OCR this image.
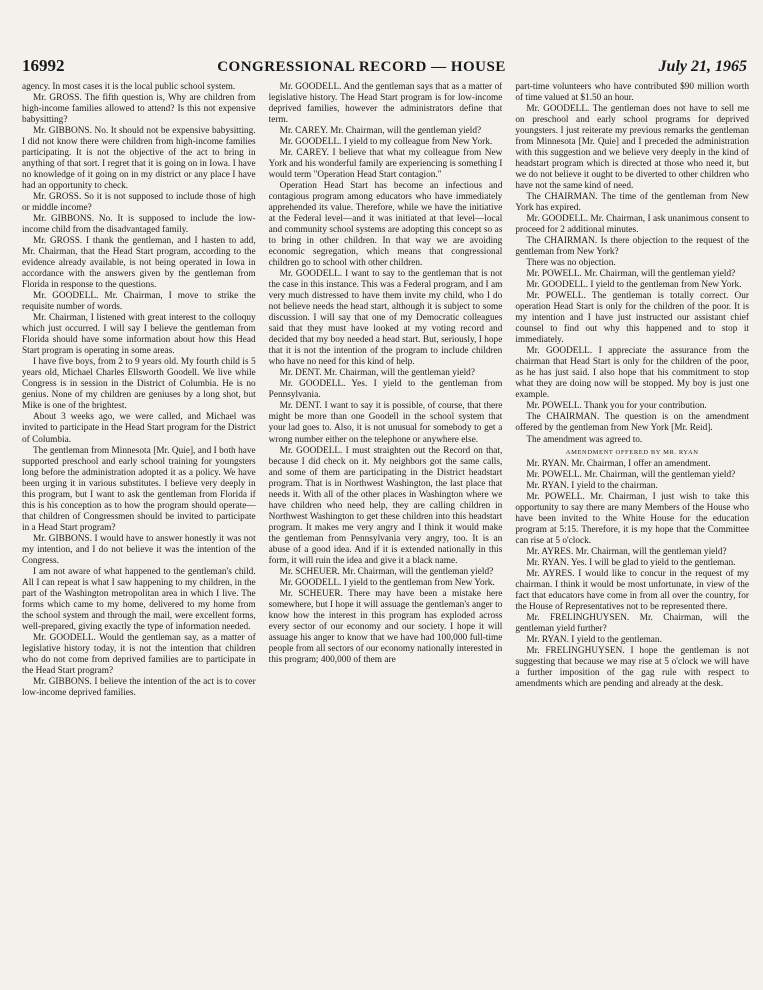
16992	CONGRESSIONAL RECORD — HOUSE	July 21, 1965

agency. In most cases it is the local public school system.

Mr. GROSS. The fifth question is, Why are children from high-income families allowed to attend? Is this not expensive babysitting?

Mr. GIBBONS. No. It should not be expensive babysitting. I did not know there were children from high-income families participating. It is not the objective of the act to bring in anything of that sort. I regret that it is going on in Iowa. I have no knowledge of it going on in my district or any place I have had an opportunity to check.

Mr. GROSS. So it is not supposed to include those of high or middle income?

Mr. GIBBONS. No. It is supposed to include the low-income child from the disadvantaged family.

Mr. GROSS. I thank the gentleman, and I hasten to add, Mr. Chairman, that the Head Start program, according to the evidence already available, is not being operated in Iowa in accordance with the answers given by the gentleman from Florida in response to the questions.

Mr. GOODELL. Mr. Chairman, I move to strike the requisite number of words.

Mr. Chairman, I listened with great interest to the colloquy which just occurred. I will say I believe the gentleman from Florida should have some information about how this Head Start program is operating in some areas.

I have five boys, from 2 to 9 years old. My fourth child is 5 years old, Michael Charles Ellsworth Goodell. We live while Congress is in session in the District of Columbia. He is no genius. None of my children are geniuses by a long shot, but Mike is one of the brightest.

About 3 weeks ago, we were called, and Michael was invited to participate in the Head Start program for the District of Columbia.

The gentleman from Minnesota [Mr. Quie], and I both have supported preschool and early school training for youngsters long before the administration adopted it as a policy. We have been urging it in various substitutes. I believe very deeply in this program, but I want to ask the gentleman from Florida if this is his conception as to how the program should operate—that children of Congressmen should be invited to participate in a Head Start program?

Mr. GIBBONS. I would have to answer honestly it was not my intention, and I do not believe it was the intention of the Congress.

I am not aware of what happened to the gentleman's child. All I can repeat is what I saw happening to my children, in the part of the Washington metropolitan area in which I live. The forms which came to my home, delivered to my home from the school system and through the mail, were excellent forms, well-prepared, giving exactly the type of information needed.

Mr. GOODELL. Would the gentleman say, as a matter of legislative history today, it is not the intention that children who do not come from deprived families are to participate in the Head Start program?

Mr. GIBBONS. I believe the intention of the act is to cover low-income deprived families.

Mr. GOODELL. And the gentleman says that as a matter of legislative history. The Head Start program is for low-income deprived families, however the administrators define that term.

Mr. CAREY. Mr. Chairman, will the gentleman yield?

Mr. GOODELL. I yield to my colleague from New York.

Mr. CAREY. I believe that what my colleague from New York and his wonderful family are experiencing is something I would term "Operation Head Start contagion."

Operation Head Start has become an infectious and contagious program among educators who have immediately apprehended its value. Therefore, while we have the initiative at the Federal level—and it was initiated at that level—local and community school systems are adopting this concept so as to bring in other children. In that way we are avoiding economic segregation, which means that congressional children go to school with other children.

Mr. GOODELL. I want to say to the gentleman that is not the case in this instance. This was a Federal program, and I am very much distressed to have them invite my child, who I do not believe needs the head start, although it is subject to some discussion. I will say that one of my Democratic colleagues said that they must have looked at my voting record and decided that my boy needed a head start. But, seriously, I hope that it is not the intention of the program to include children who have no need for this kind of help.

Mr. DENT. Mr. Chairman, will the gentleman yield?

Mr. GOODELL. Yes. I yield to the gentleman from Pennsylvania.

Mr. DENT. I want to say it is possible, of course, that there might be more than one Goodell in the school system that your lad goes to. Also, it is not unusual for somebody to get a wrong number either on the telephone or anywhere else.

Mr. GOODELL. I must straighten out the Record on that, because I did check on it. My neighbors got the same calls, and some of them are participating in the District headstart program. That is in Northwest Washington, the last place that needs it. With all of the other places in Washington where we have children who need help, they are calling children in Northwest Washington to get these children into this headstart program. It makes me very angry and I think it would make the gentleman from Pennsylvania very angry, too. It is an abuse of a good idea. And if it is extended nationally in this form, it will ruin the idea and give it a black name.

Mr. SCHEUER. Mr. Chairman, will the gentleman yield?

Mr. GOODELL. I yield to the gentleman from New York.

Mr. SCHEUER. There may have been a mistake here somewhere, but I hope it will assuage the gentleman's anger to know how the interest in this program has exploded across every sector of our economy and our society. I hope it will assuage his anger to know that we have had 100,000 full-time people from all sectors of our economy nationally interested in this program; 400,000 of them are

part-time volunteers who have contributed $90 million worth of time valued at $1.50 an hour.

Mr. GOODELL. The gentleman does not have to sell me on preschool and early school programs for deprived youngsters. I just reiterate my previous remarks the gentleman from Minnesota [Mr. Quie] and I preceded the administration with this suggestion and we believe very deeply in the kind of headstart program which is directed at those who need it, but we do not believe it ought to be diverted to other children who have not the same kind of need.

The CHAIRMAN. The time of the gentleman from New York has expired.

Mr. GOODELL. Mr. Chairman, I ask unanimous consent to proceed for 2 additional minutes.

The CHAIRMAN. Is there objection to the request of the gentleman from New York?

There was no objection.

Mr. POWELL. Mr. Chairman, will the gentleman yield?

Mr. GOODELL. I yield to the gentleman from New York.

Mr. POWELL. The gentleman is totally correct. Our operation Head Start is only for the children of the poor. It is my intention and I have just instructed our assistant chief counsel to find out why this happened and to stop it immediately.

Mr. GOODELL. I appreciate the assurance from the chairman that Head Start is only for the children of the poor, as he has just said. I also hope that his commitment to stop what they are doing now will be stopped. My boy is just one example.

Mr. POWELL. Thank you for your contribution.

The CHAIRMAN. The question is on the amendment offered by the gentleman from New York [Mr. Reid].

The amendment was agreed to.

AMENDMENT OFFERED BY MR. RYAN

Mr. RYAN. Mr. Chairman, I offer an amendment.

Mr. POWELL. Mr. Chairman, will the gentleman yield?

Mr. RYAN. I yield to the chairman.

Mr. POWELL. Mr. Chairman, I just wish to take this opportunity to say there are many Members of the House who have been invited to the White House for the education program at 5:15. Therefore, it is my hope that the Committee can rise at 5 o'clock.

Mr. AYRES. Mr. Chairman, will the gentleman yield?

Mr. RYAN. Yes. I will be glad to yield to the gentleman.

Mr. AYRES. I would like to concur in the request of my chairman. I think it would be most unfortunate, in view of the fact that educators have come in from all over the country, for the House of Representatives not to be represented there.

Mr. FRELINGHUYSEN. Mr. Chairman, will the gentleman yield further?

Mr. RYAN. I yield to the gentleman.

Mr. FRELINGHUYSEN. I hope the gentleman is not suggesting that because we may rise at 5 o'clock we will have a further imposition of the gag rule with respect to amendments which are pending and already at the desk.
